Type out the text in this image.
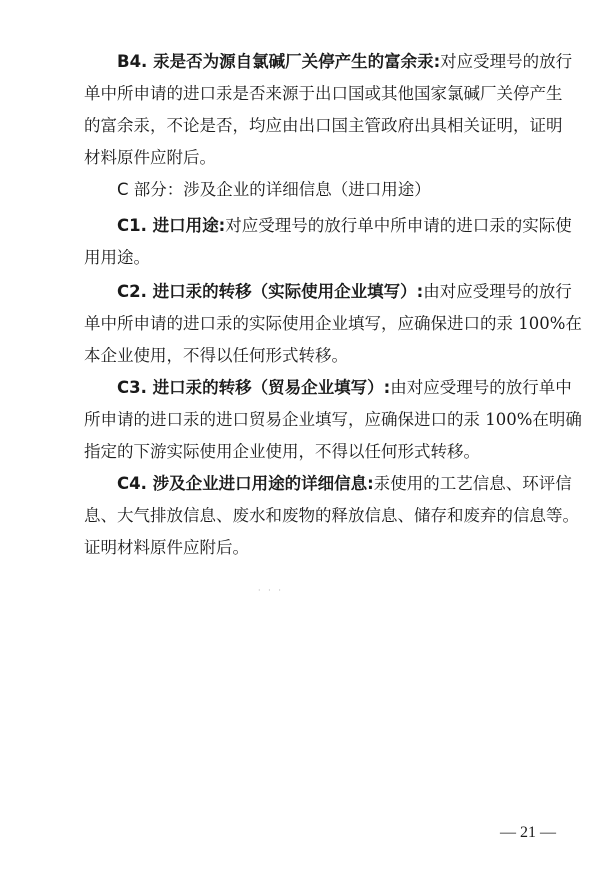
B4. 汞是否为源自氯碱厂关停产生的富余汞:对应受理号的放行
单中所申请的进口汞是否来源于出口国或其他国家氯碱厂关停产生
的富余汞，不论是否，均应由出口国主管政府出具相关证明，证明
材料原件应附后。
C 部分：涉及企业的详细信息（进口用途）
C1. 进口用途:对应受理号的放行单中所申请的进口汞的实际使
用用途。
C2. 进口汞的转移（实际使用企业填写）:由对应受理号的放行
单中所申请的进口汞的实际使用企业填写，应确保进口的汞 100%在
本企业使用，不得以任何形式转移。
C3. 进口汞的转移（贸易企业填写）:由对应受理号的放行单中
所申请的进口汞的进口贸易企业填写，应确保进口的汞 100%在明确
指定的下游实际使用企业使用，不得以任何形式转移。
C4. 涉及企业进口用途的详细信息:汞使用的工艺信息、环评信
息、大气排放信息、废水和废物的释放信息、储存和废弃的信息等。
证明材料原件应附后。
·   ·   ·
— 21 —
